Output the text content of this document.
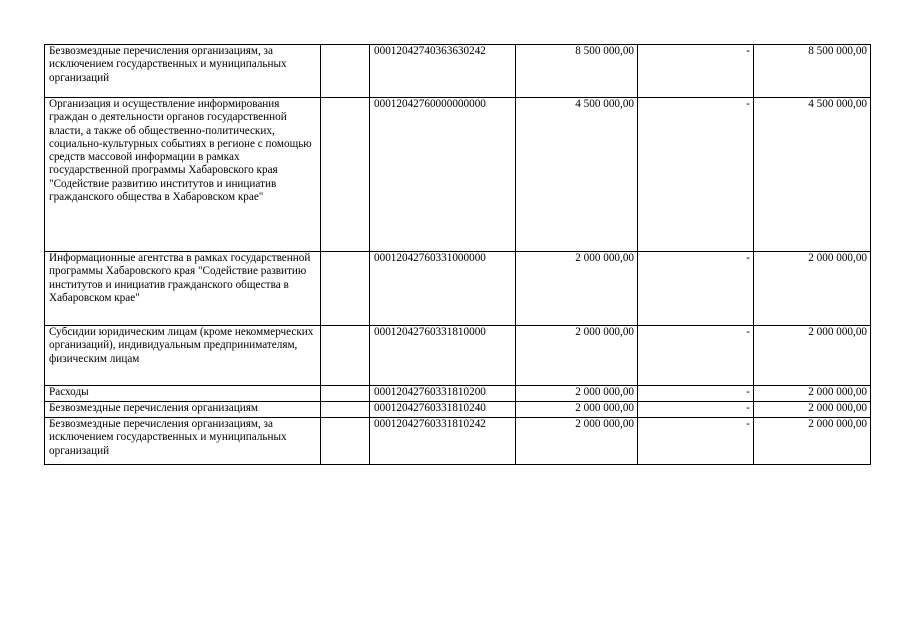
Безвозмездные перечисления организациям, за исключением государственных и муниципальных организаций		00012042740363630242	8 500 000,00	-	8 500 000,00
Организация и осуществление информирования граждан о деятельности органов государственной власти, а также об общественно-политических, социально-культурных событиях в регионе с помощью средств массовой информации в рамках государственной программы Хабаровского края "Содействие развитию институтов и инициатив гражданского общества в Хабаровском крае"		00012042760000000000	4 500 000,00	-	4 500 000,00
Информационные агентства в рамках государственной программы Хабаровского края "Содействие развитию институтов и инициатив гражданского общества в Хабаровском крае"		00012042760331000000	2 000 000,00	-	2 000 000,00
Субсидии юридическим лицам (кроме некоммерческих организаций), индивидуальным предпринимателям, физическим лицам		00012042760331810000	2 000 000,00	-	2 000 000,00
Расходы		00012042760331810200	2 000 000,00	-	2 000 000,00
Безвозмездные перечисления организациям		00012042760331810240	2 000 000,00	-	2 000 000,00
Безвозмездные перечисления организациям, за исключением государственных и муниципальных организаций		00012042760331810242	2 000 000,00	-	2 000 000,00
